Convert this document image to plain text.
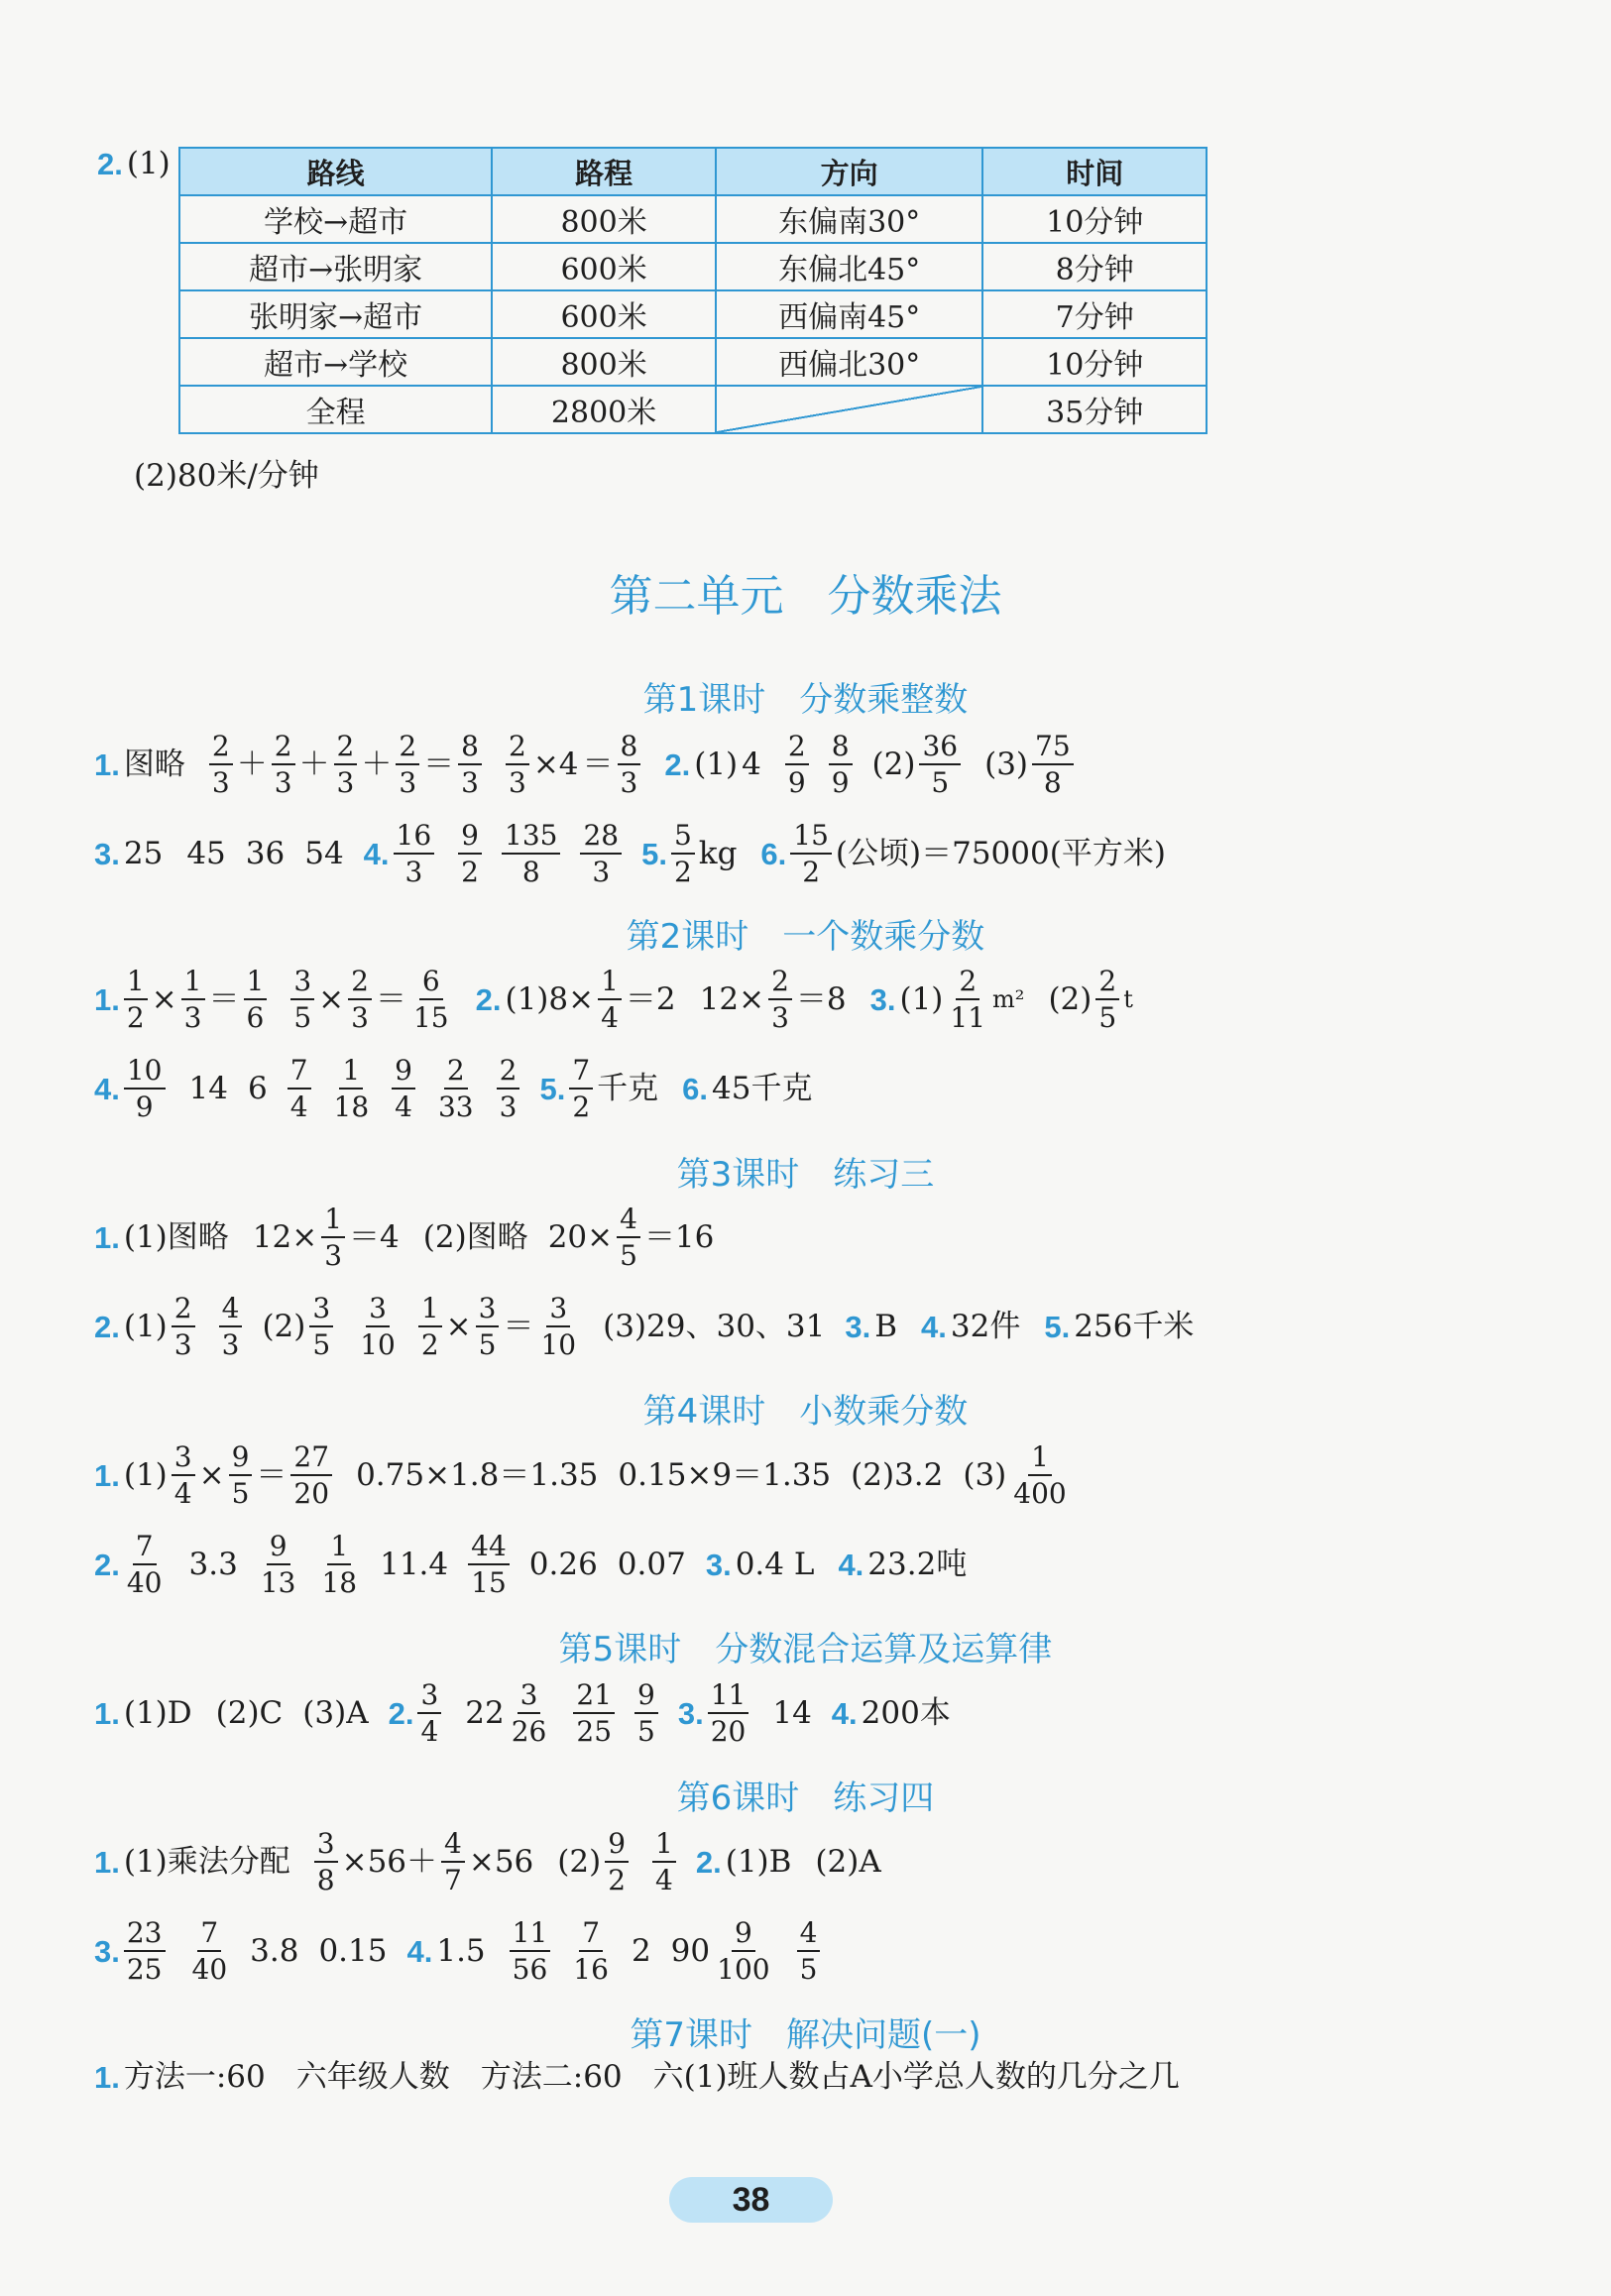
2. (1)	路线	路程	方向	时间
学校→超市	800米	东偏南30°	10分钟
超市→张明家	600米	东偏北45°	8分钟
张明家→超市	600米	西偏南45°	7分钟
超市→学校	800米	西偏北30°	10分钟
全程	2800米		35分钟
(2)80米/分钟
第二单元　分数乘法
第1课时　分数乘整数
1. 图略 $\frac{2}{3} + \frac{2}{3} + \frac{2}{3} + \frac{2}{3} = \frac{8}{3} \frac{2}{3} \times 4 = \frac{8}{3} 2$. (1) $4 \frac{2}{9} \frac{8}{9} (2) \frac{36}{5} (3) \frac{75}{8}$
3. 25 45 36 54 4. $\frac{16}{3} \frac{9}{2} \frac{135}{8} \frac{28}{3} 5$. $\frac{5}{2}$ kg 6. $\frac{15}{2}$ (公顷)＝75000(平方米)
第2课时　一个数乘分数
1. $\frac{1}{2} \times \frac{1}{3} = \frac{1}{6} \frac{3}{5} \times \frac{2}{3} = \frac{6}{15} 2$. $(1)8\times \frac{1}{4} =2$ $12\times \frac{2}{3} =8$ 3. $(1) \frac{2}{11} m^2$ $(2) \frac{2}{5}$ t
4. $\frac{10}{9} 14$ $6 \frac{7}{4} \frac{1}{18} \frac{9}{4} \frac{2}{33} \frac{2}{3} 5$. $\frac{7}{2}$ 千克 6. 45千克
第3课时　练习三
1. (1)图略 $12\times \frac{1}{3} =4$ (2)图略 $20\times \frac{4}{5} =16$
2. $(1) \frac{2}{3} \frac{4}{3} (2) \frac{3}{5} \frac{3}{10} \frac{1}{2} \times \frac{3}{5} = \frac{3}{10} (3)29$、30、31 3. B 4. 32件 5. 256千米
第4课时　小数乘分数
1. $(1) \frac{3}{4} \times \frac{9}{5} = \frac{27}{20} 0.75\times 1.8=1.35$ 0.15×9＝1.35 (2)3.2 $(3) \frac{1}{400}$
2. $\frac{7}{40} 3.3 \frac{9}{13} \frac{1}{18} 11.4 \frac{44}{15} 0.26$ 0.07 3. 0.4 L 4. 23.2吨
第5课时　分数混合运算及运算律
1. (1)D (2)C (3)A 2. $\frac{3}{4} 22 \frac{3}{26} \frac{21}{25} \frac{9}{5} 3$. $\frac{11}{20} 14$ 4. 200本
第6课时　练习四
1. (1)乘法分配 $\frac{3}{8} \times 56+ \frac{4}{7} \times 56$ $(2) \frac{9}{2} \frac{1}{4} 2$. (1)B (2)A
3. $\frac{23}{25} \frac{7}{40} 3.8$ 0.15 4. $1.5 \frac{11}{56} \frac{7}{16} 2$ $90 \frac{9}{100} \frac{4}{5}$
第7课时　解决问题(一)
1. 方法一:60　六年级人数　方法二:60　六(1)班人数占A小学总人数的几分之几
38
